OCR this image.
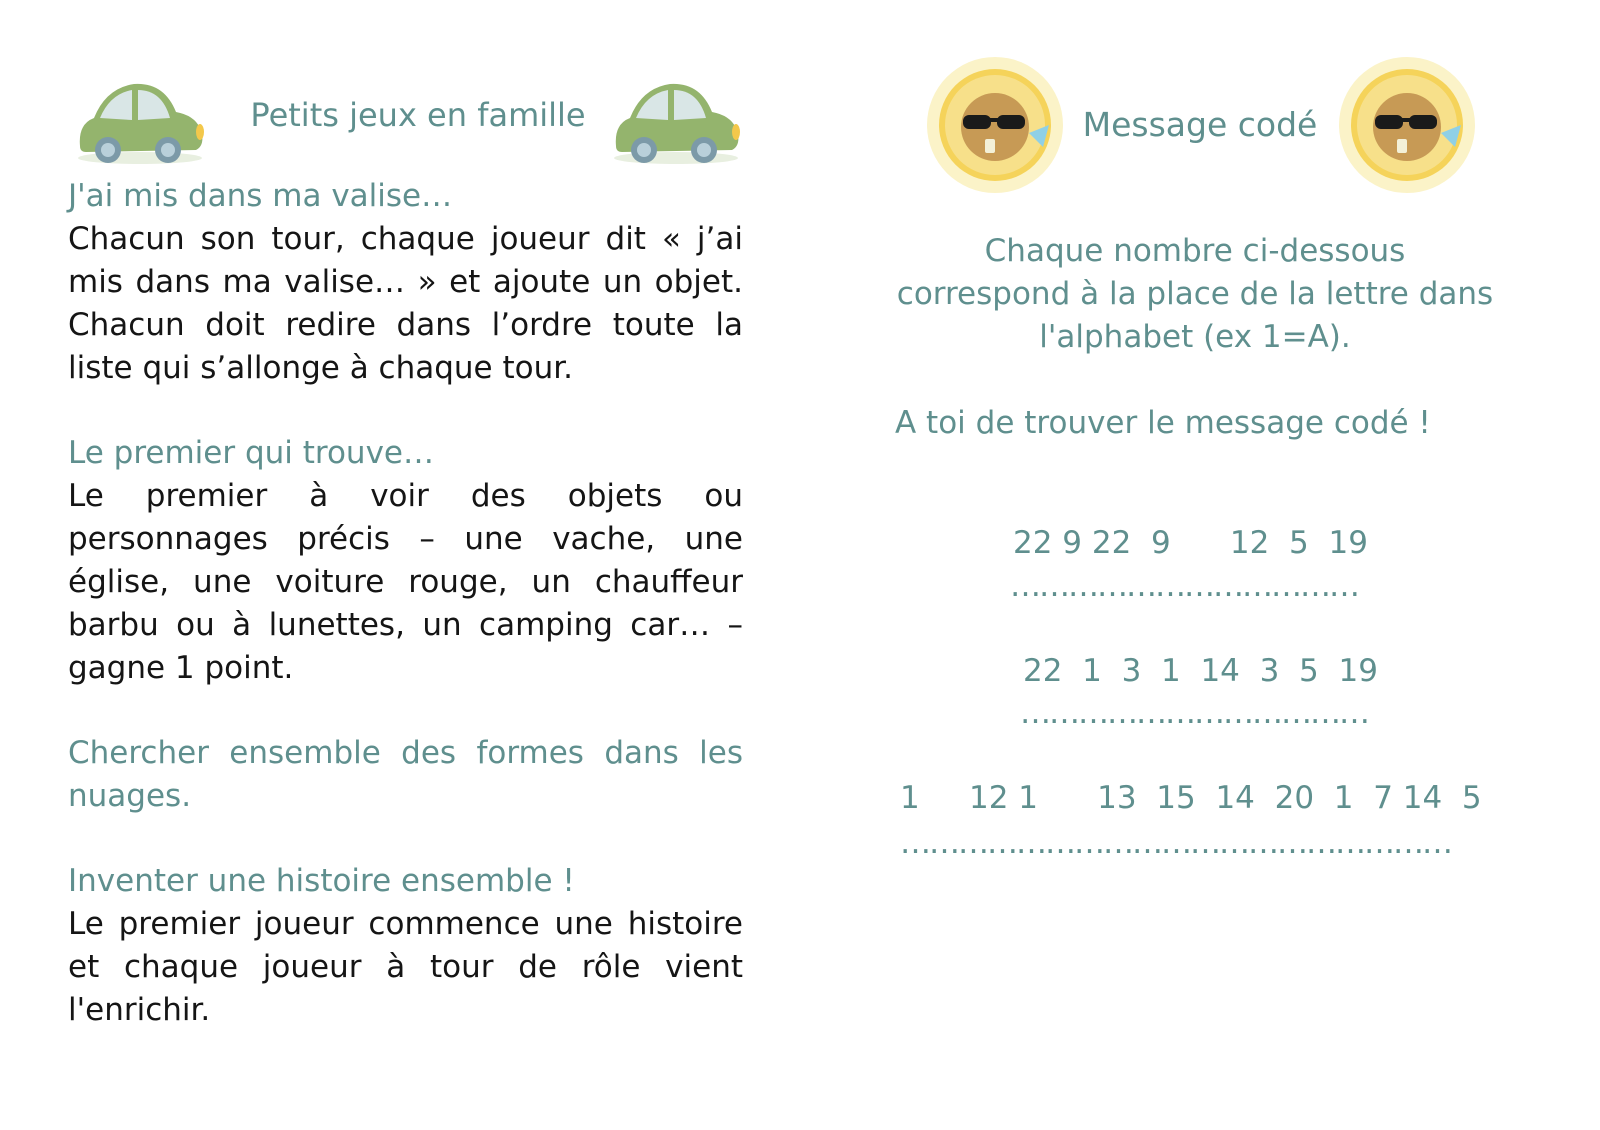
Petits jeux en famille
J'ai mis dans ma valise…

Chacun son tour, chaque joueur dit « j’ai mis dans ma valise… » et ajoute un objet. Chacun doit redire dans l’ordre toute la liste qui s’allonge à chaque tour.

Le premier qui trouve…

Le premier à voir des objets ou personnages précis – une vache, une église, une voiture rouge, un chauffeur barbu ou à lunettes, un camping car… – gagne 1 point.

Chercher ensemble des formes dans les nuages.
Inventer une histoire ensemble !

Le premier joueur commence une histoire et chaque joueur à tour de rôle vient l'enrichir.

Message codé
Chaque nombre ci-dessous correspond à la place de la lettre dans l'alphabet (ex 1=A).
A toi de trouver le message codé !
22 9 22  9      12  5  19
………………………………
22  1  3  1  14  3  5  19
………………………………
1     12 1      13  15  14  20  1  7 14  5
…………………………………………………
